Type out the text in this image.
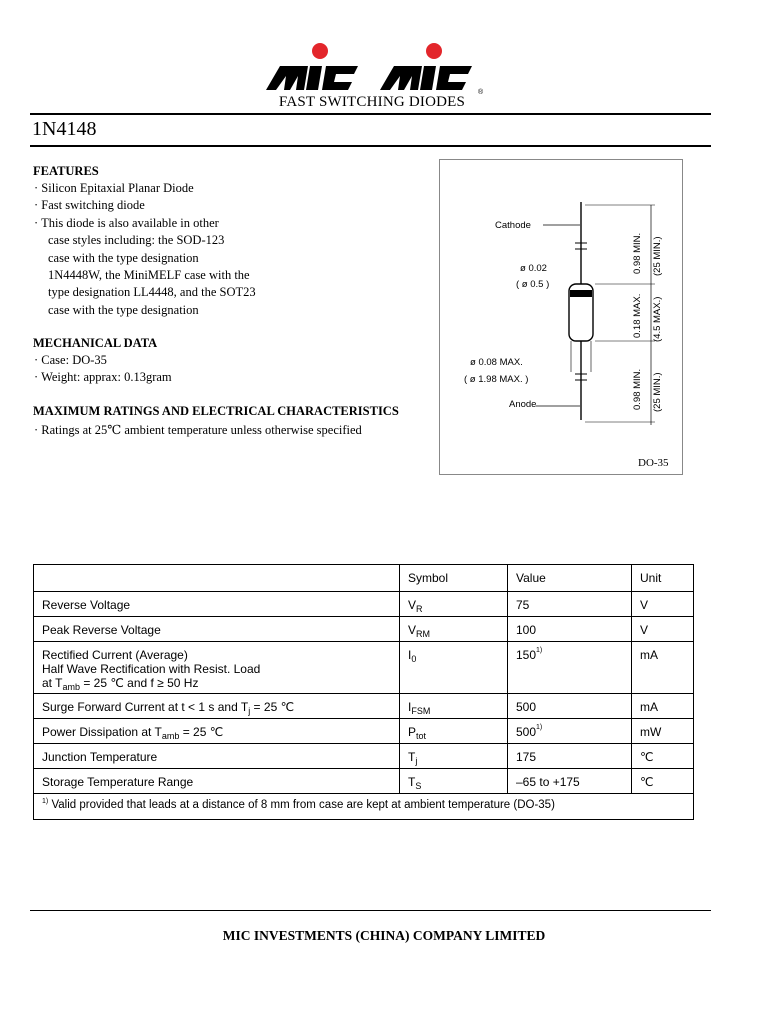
®
FAST SWITCHING DIODES
1N4148
FEATURES
· Silicon Epitaxial Planar Diode
· Fast switching diode
· This diode is also available in other
case styles including: the SOD-123
case with the type designation
1N4448W, the MiniMELF case with the
type designation LL4448, and the SOT23
case with the type designation
MECHANICAL DATA
· Case: DO-35
· Weight: apprax: 0.13gram
MAXIMUM RATINGS AND ELECTRICAL CHARACTERISTICS
· Ratings at 25℃ ambient temperature unless otherwise specified
Cathode
ø 0.02
( ø 0.5 )
ø 0.08 MAX.
( ø 1.98 MAX. )
Anode
0.98 MIN. (25 MIN.)
0.18 MAX. (4.5 MAX.)
0.98 MIN. (25 MIN.)
DO-35
	Symbol	Value	Unit
Reverse Voltage	$V_R$	75	V
Peak Reverse Voltage	$V_{RM}$	100	V

Rectified Current (Average)
Half Wave Rectification with Resist. Load
at $T_{amb} = 25$ ℃ and f ≥ 50 Hz	$I_0$	150$^{1)}$	mA
Surge Forward Current at t < 1 s and $T_j = 25$ ℃	$I_{FSM}$	500	mA
Power Dissipation at $T_{amb} = 25$ ℃	$P_{tot}$	500$^{1)}$	mW
Junction Temperature	$T_j$	175	℃
Storage Temperature Range	$T_S$	–65 to +175	℃
$^{1)}$ Valid provided that leads at a distance of 8 mm from case are kept at ambient temperature (DO-35)			
MIC INVESTMENTS (CHINA) COMPANY LIMITED
